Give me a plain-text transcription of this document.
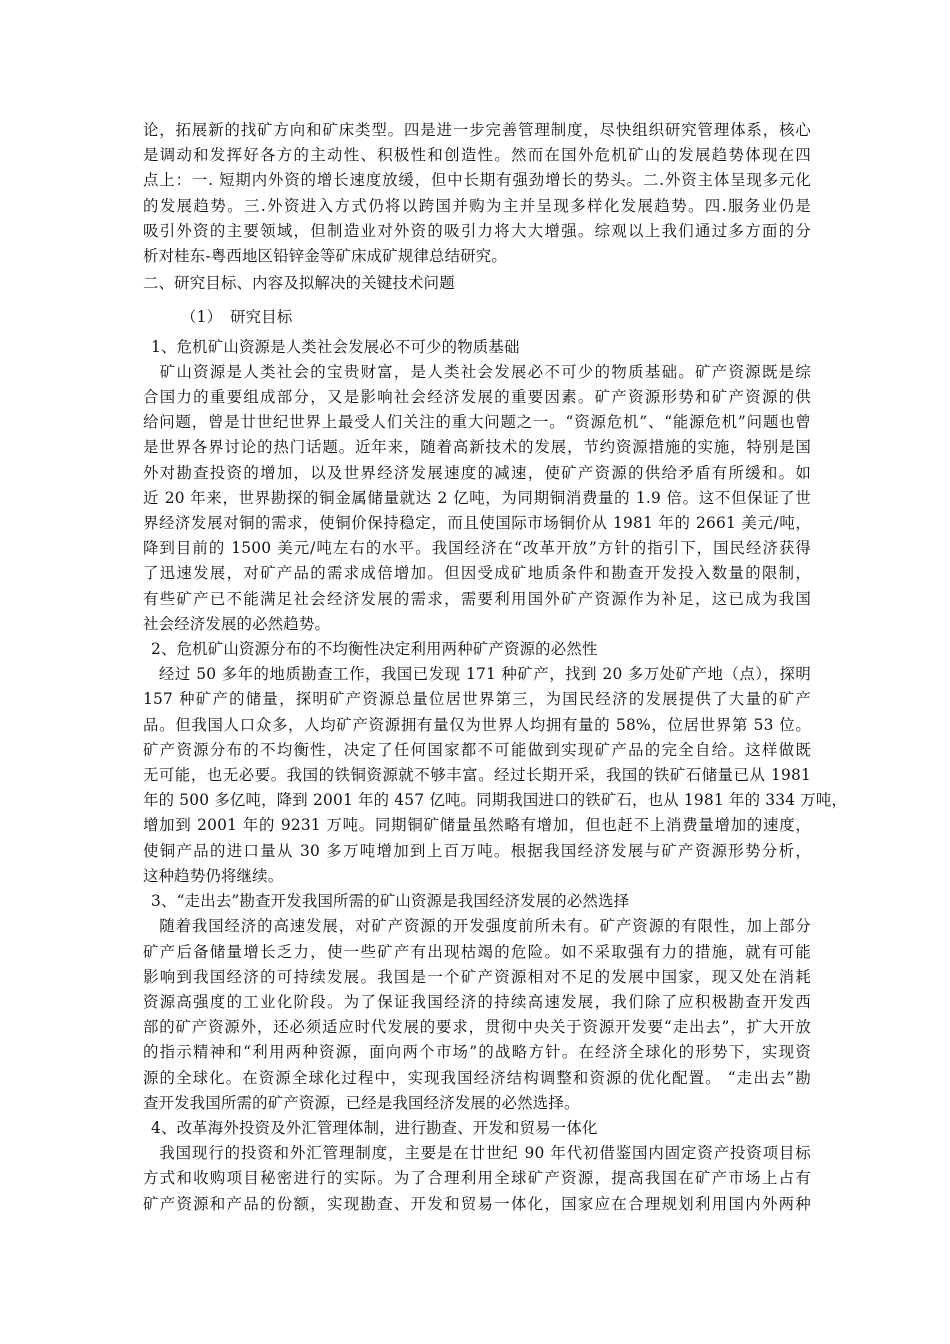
论，拓展新的找矿方向和矿床类型。四是进一步完善管理制度，尽快组织研究管理体系，核心
是调动和发挥好各方的主动性、积极性和创造性。然而在国外危机矿山的发展趋势体现在四
点上：一. 短期内外资的增长速度放缓，但中长期有强劲增长的势头。二.外资主体呈现多元化
的发展趋势。三.外资进入方式仍将以跨国并购为主并呈现多样化发展趋势。四.服务业仍是
吸引外资的主要领域，但制造业对外资的吸引力将大大增强。综观以上我们通过多方面的分
析对桂东-粤西地区铅锌金等矿床成矿规律总结研究。
二、研究目标、内容及拟解决的关键技术问题
（1）　研究目标
1、危机矿山资源是人类社会发展必不可少的物质基础
　矿山资源是人类社会的宝贵财富，是人类社会发展必不可少的物质基础。矿产资源既是综
合国力的重要组成部分，又是影响社会经济发展的重要因素。矿产资源形势和矿产资源的供
给问题，曾是廿世纪世界上最受人们关注的重大问题之一。“资源危机”、“能源危机”问题也曾
是世界各界讨论的热门话题。近年来，随着高新技术的发展，节约资源措施的实施，特别是国
外对勘查投资的增加，以及世界经济发展速度的减速，使矿产资源的供给矛盾有所缓和。如
近 20 年来，世界勘探的铜金属储量就达 2 亿吨，为同期铜消费量的 1.9 倍。这不但保证了世
界经济发展对铜的需求，使铜价保持稳定，而且使国际市场铜价从 1981 年的 2661 美元/吨，
降到目前的 1500 美元/吨左右的水平。我国经济在“改革开放”方针的指引下，国民经济获得
了迅速发展，对矿产品的需求成倍增加。但因受成矿地质条件和勘查开发投入数量的限制，
有些矿产已不能满足社会经济发展的需求，需要利用国外矿产资源作为补足，这已成为我国
社会经济发展的必然趋势。
2、危机矿山资源分布的不均衡性决定利用两种矿产资源的必然性
　经过 50 多年的地质勘查工作，我国已发现 171 种矿产，找到 20 多万处矿产地（点），探明
157 种矿产的储量，探明矿产资源总量位居世界第三，为国民经济的发展提供了大量的矿产
品。但我国人口众多，人均矿产资源拥有量仅为世界人均拥有量的 58%，位居世界第 53 位。
矿产资源分布的不均衡性，决定了任何国家都不可能做到实现矿产品的完全自给。这样做既
无可能，也无必要。我国的铁铜资源就不够丰富。经过长期开采，我国的铁矿石储量已从 1981
年的 500 多亿吨，降到 2001 年的 457 亿吨。同期我国进口的铁矿石，也从 1981 年的 334 万吨，
增加到 2001 年的 9231 万吨。同期铜矿储量虽然略有增加，但也赶不上消费量增加的速度，
使铜产品的进口量从 30 多万吨增加到上百万吨。根据我国经济发展与矿产资源形势分析，
这种趋势仍将继续。
3、“走出去”勘查开发我国所需的矿山资源是我国经济发展的必然选择
　随着我国经济的高速发展，对矿产资源的开发强度前所未有。矿产资源的有限性，加上部分
矿产后备储量增长乏力，使一些矿产有出现枯竭的危险。如不采取强有力的措施，就有可能
影响到我国经济的可持续发展。我国是一个矿产资源相对不足的发展中国家，现又处在消耗
资源高强度的工业化阶段。为了保证我国经济的持续高速发展，我们除了应积极勘查开发西
部的矿产资源外，还必须适应时代发展的要求，贯彻中央关于资源开发要“走出去”，扩大开放
的指示精神和“利用两种资源，面向两个市场”的战略方针。在经济全球化的形势下，实现资
源的全球化。在资源全球化过程中，实现我国经济结构调整和资源的优化配置。 “走出去”勘
查开发我国所需的矿产资源，已经是我国经济发展的必然选择。
4、改革海外投资及外汇管理体制，进行勘查、开发和贸易一体化
　我国现行的投资和外汇管理制度，主要是在廿世纪 90 年代初借鉴国内固定资产投资项目标
方式和收购项目秘密进行的实际。为了合理利用全球矿产资源，提高我国在矿产市场上占有
矿产资源和产品的份额，实现勘查、开发和贸易一体化，国家应在合理规划利用国内外两种
